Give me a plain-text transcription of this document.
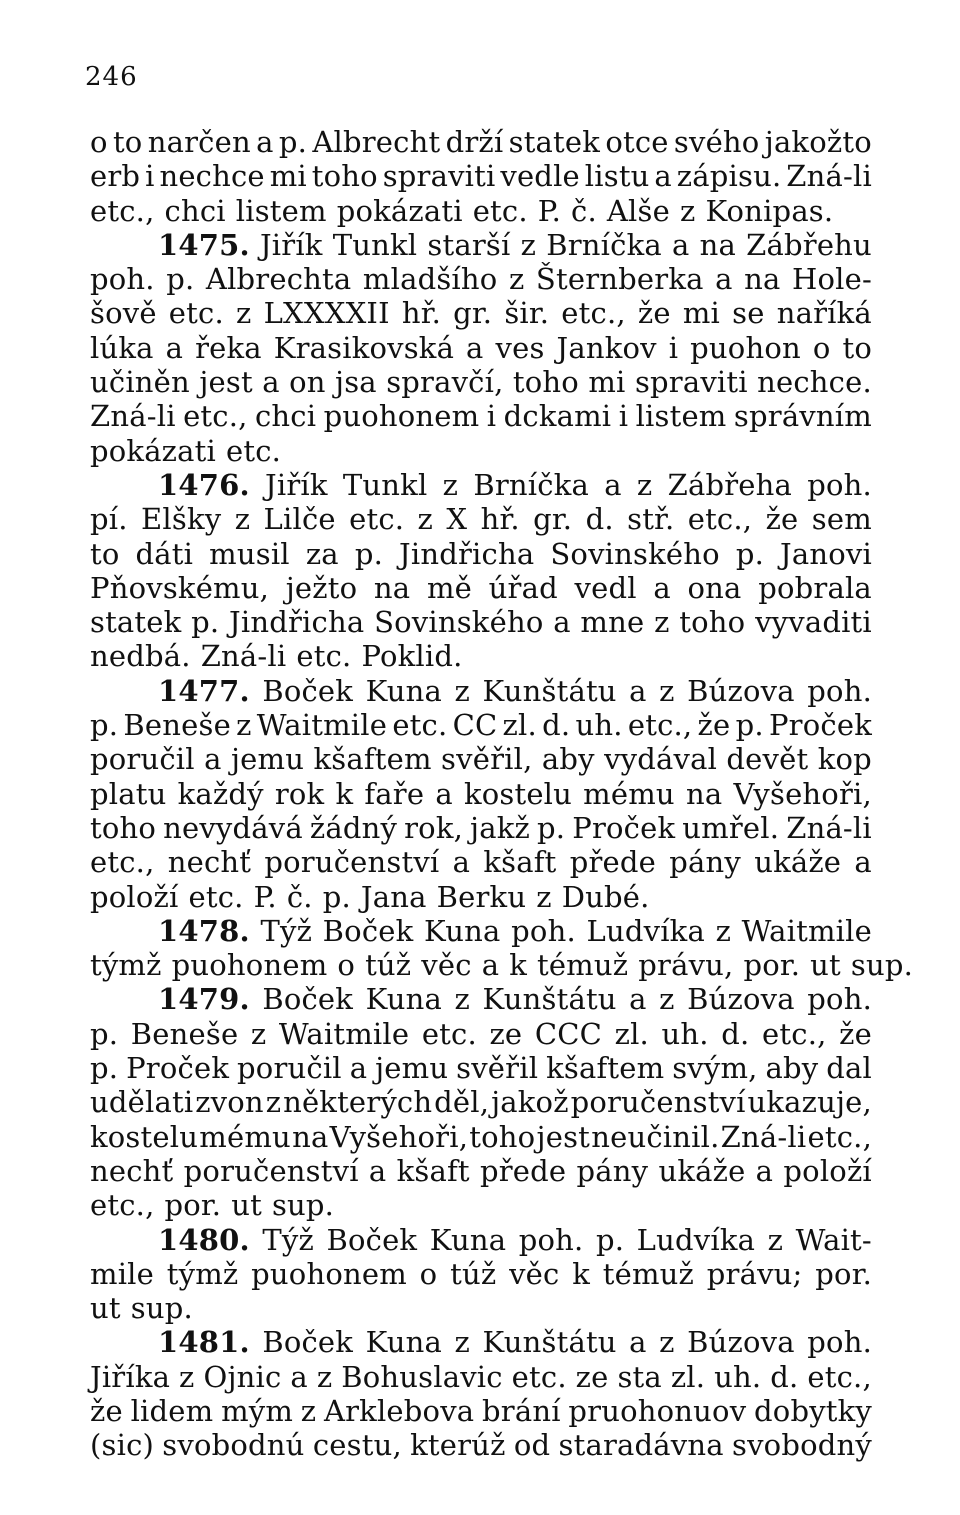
246
o to narčen a p. Albrecht drží statek otce svého jakožto
erb i nechce mi toho spraviti vedle listu a zápisu. Zná-li
etc., chci listem pokázati etc. P. č. Alše z Konipas.
1475. Jiřík Tunkl starší z Brníčka a na Zábřehu
poh. p. Albrechta mladšího z Šternberka a na Hole-
šově etc. z LXXXXII hř. gr. šir. etc., že mi se naříká
lúka a řeka Krasikovská a ves Jankov i puohon o to
učiněn jest a on jsa spravčí, toho mi spraviti nechce.
Zná-li etc., chci puohonem i dckami i listem správním
pokázati etc.
1476. Jiřík Tunkl z Brníčka a z Zábřeha poh.
pí. Elšky z Lilče etc. z X hř. gr. d. stř. etc., že sem
to dáti musil za p. Jindřicha Sovinského p. Janovi
Pňovskému, ježto na mě úřad vedl a ona pobrala
statek p. Jindřicha Sovinského a mne z toho vyvaditi
nedbá. Zná-li etc. Poklid.
1477. Boček Kuna z Kunštátu a z Búzova poh.
p. Beneše z Waitmile etc. CC zl. d. uh. etc., že p. Proček
poručil a jemu kšaftem svěřil, aby vydával devět kop
platu každý rok k faře a kostelu mému na Vyšehoři,
toho nevydává žádný rok, jakž p. Proček umřel. Zná-li
etc., nechť poručenství a kšaft přede pány ukáže a
položí etc. P. č. p. Jana Berku z Dubé.
1478. Týž Boček Kuna poh. Ludvíka z Waitmile
týmž puohonem o túž věc a k témuž právu, por. ut sup.
1479. Boček Kuna z Kunštátu a z Búzova poh.
p. Beneše z Waitmile etc. ze CCC zl. uh. d. etc., že
p. Proček poručil a jemu svěřil kšaftem svým, aby dal
udělati zvon z některých děl, jakož poručenství ukazuje,
kostelu mému na Vyšehoři, toho jest neučinil. Zná-li etc.,
nechť poručenství a kšaft přede pány ukáže a položí
etc., por. ut sup.
1480. Týž Boček Kuna poh. p. Ludvíka z Wait-
mile týmž puohonem o túž věc k témuž právu; por.
ut sup.
1481. Boček Kuna z Kunštátu a z Búzova poh.
Jiříka z Ojnic a z Bohuslavic etc. ze sta zl. uh. d. etc.,
že lidem mým z Arklebova brání pruohonuov dobytky
(sic) svobodnú cestu, kterúž od staradávna svobodný
